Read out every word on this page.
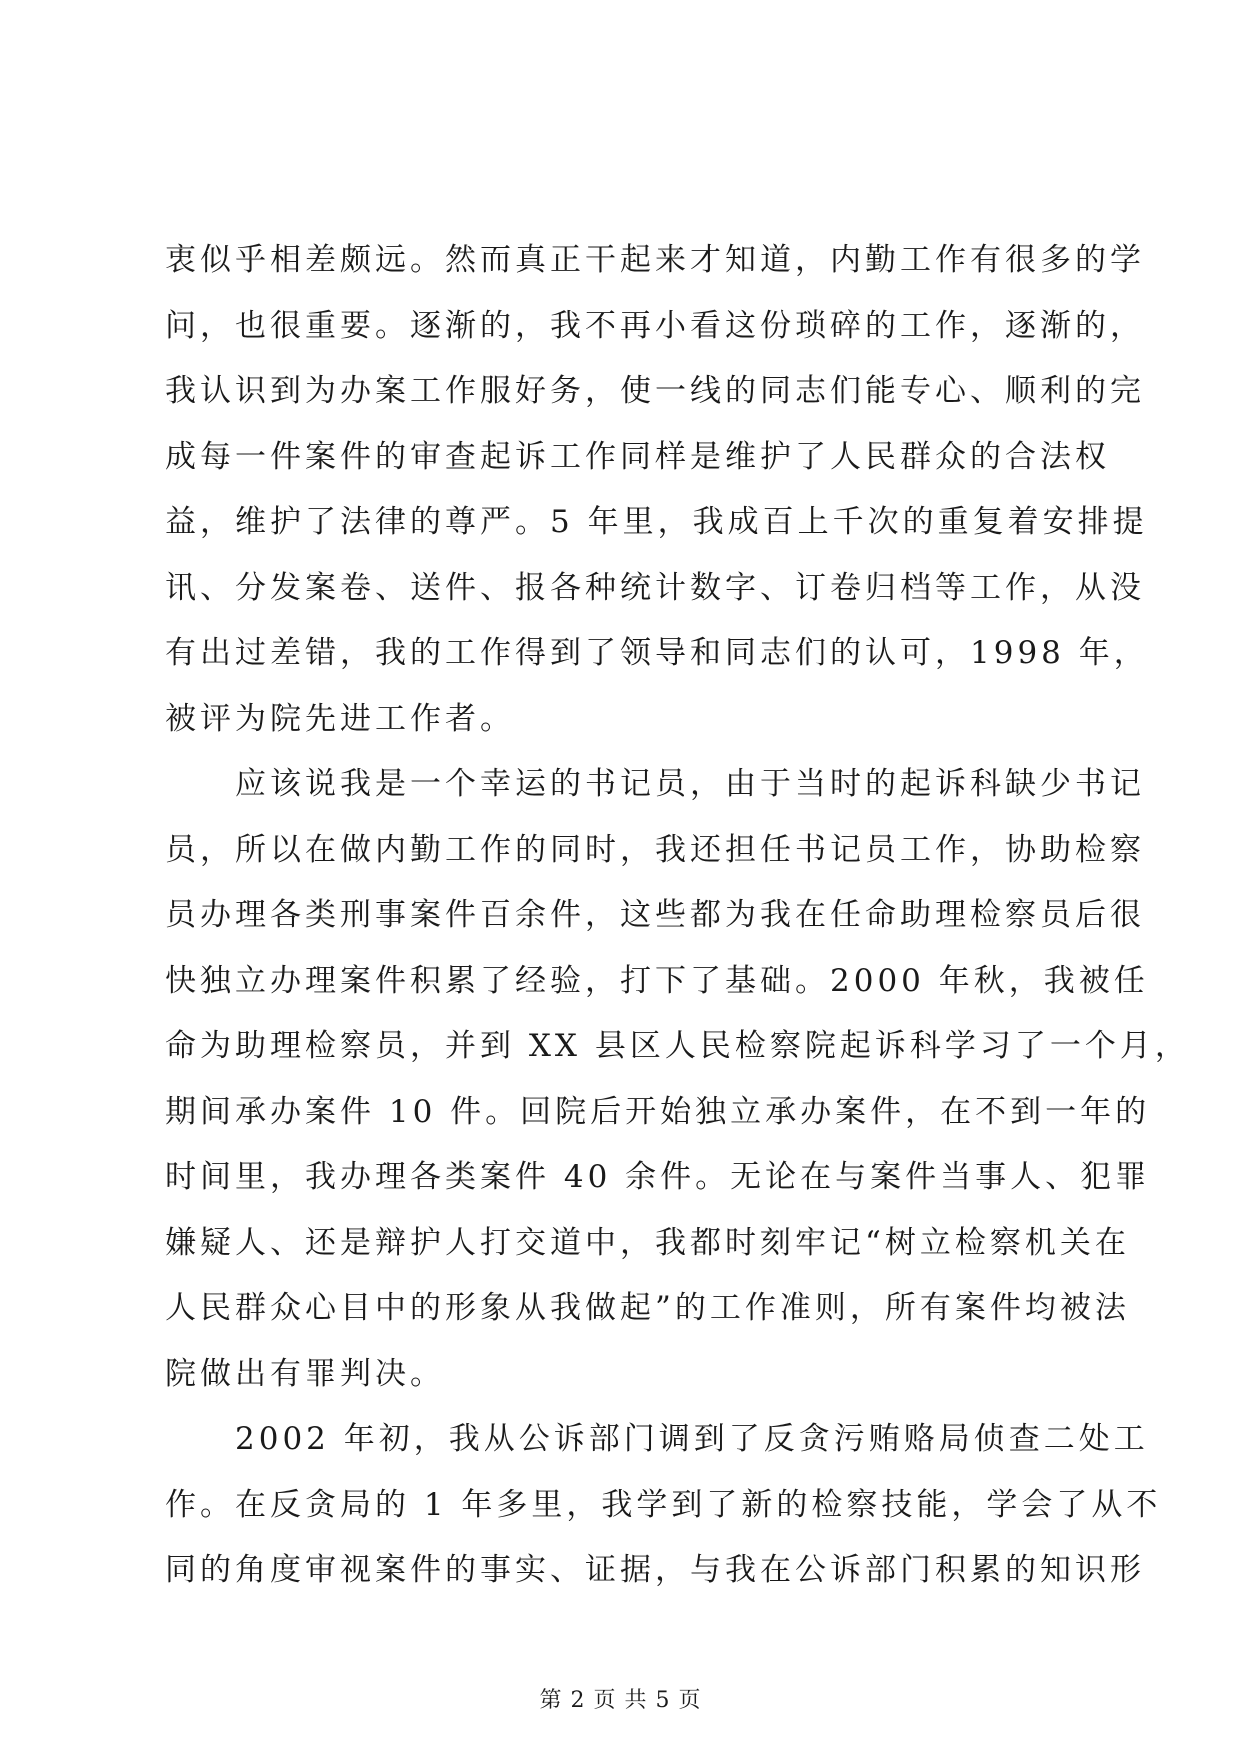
衷似乎相差颇远。然而真正干起来才知道，内勤工作有很多的学
问，也很重要。逐渐的，我不再小看这份琐碎的工作，逐渐的，
我认识到为办案工作服好务，使一线的同志们能专心、顺利的完
成每一件案件的审查起诉工作同样是维护了人民群众的合法权
益，维护了法律的尊严。5 年里，我成百上千次的重复着安排提
讯、分发案卷、送件、报各种统计数字、订卷归档等工作，从没
有出过差错，我的工作得到了领导和同志们的认可，1998 年，
被评为院先进工作者。
应该说我是一个幸运的书记员，由于当时的起诉科缺少书记
员，所以在做内勤工作的同时，我还担任书记员工作，协助检察
员办理各类刑事案件百余件，这些都为我在任命助理检察员后很
快独立办理案件积累了经验，打下了基础。2000 年秋，我被任
命为助理检察员，并到 XX 县区人民检察院起诉科学习了一个月，
期间承办案件 10 件。回院后开始独立承办案件，在不到一年的
时间里，我办理各类案件 40 余件。无论在与案件当事人、犯罪
嫌疑人、还是辩护人打交道中，我都时刻牢记“树立检察机关在
人民群众心目中的形象从我做起”的工作准则，所有案件均被法
院做出有罪判决。
2002 年初，我从公诉部门调到了反贪污贿赂局侦查二处工
作。在反贪局的 1 年多里，我学到了新的检察技能，学会了从不
同的角度审视案件的事实、证据，与我在公诉部门积累的知识形
第 2 页 共 5 页
